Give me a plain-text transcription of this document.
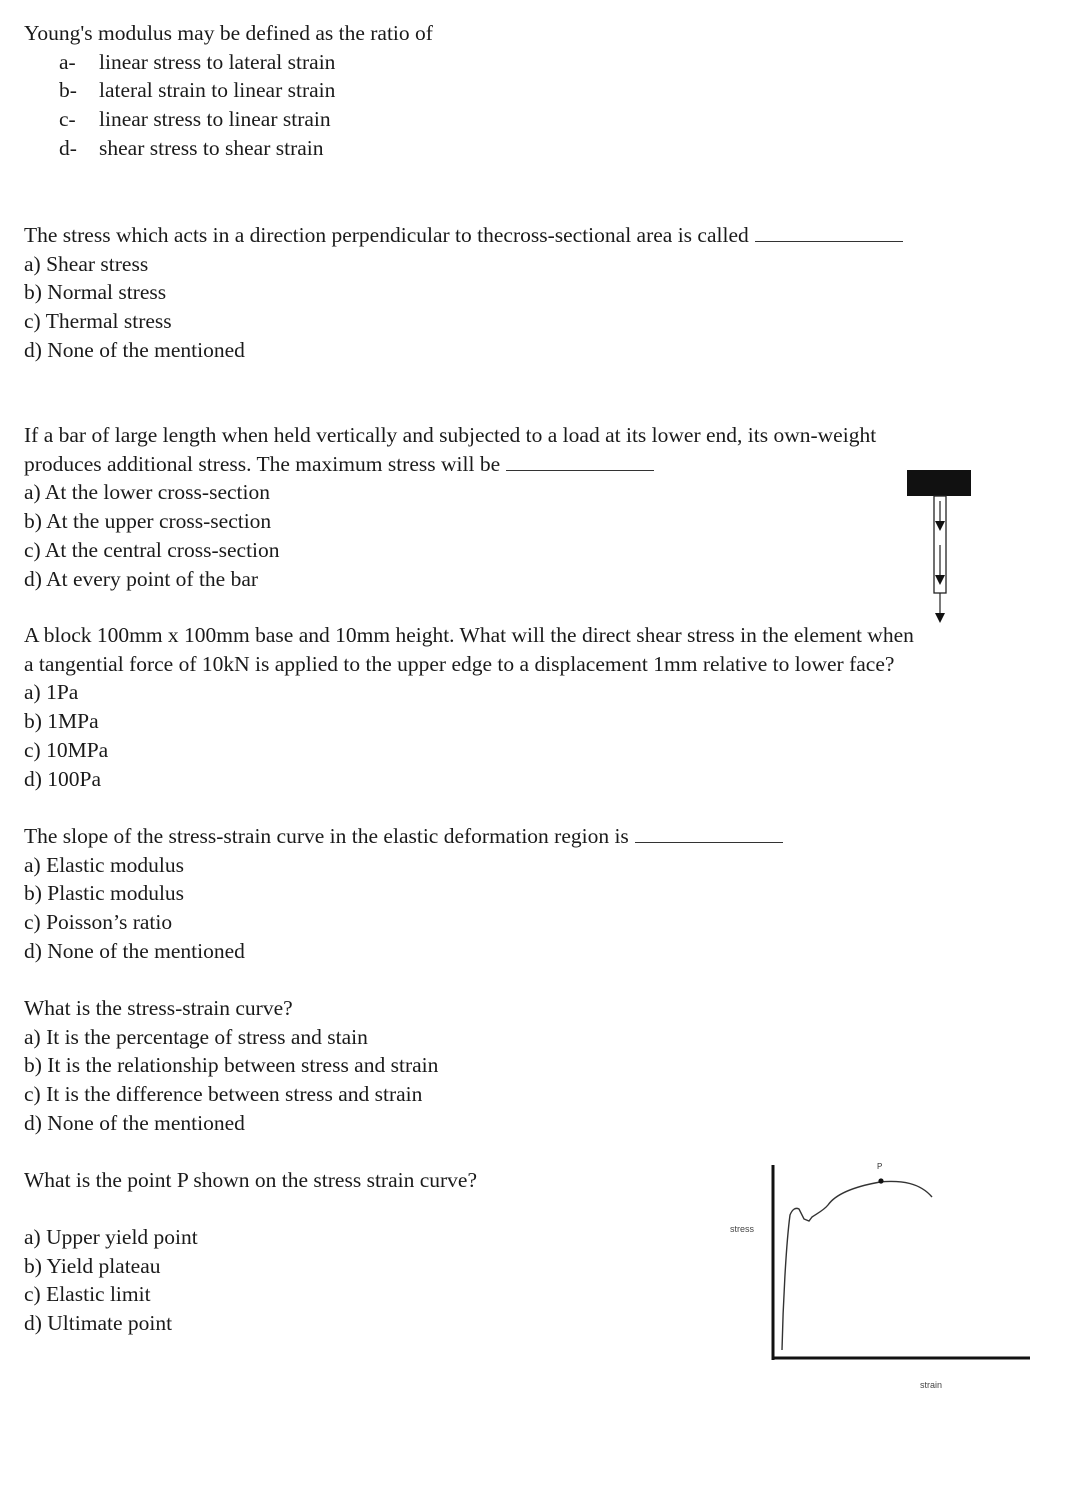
Young's modulus may be defined as the ratio of
a-	linear stress to lateral strain
b-	lateral strain to linear strain
c-	linear stress to linear strain
d-	shear stress to shear strain
The stress which acts in a direction perpendicular to thecross-sectional area is called
a) Shear stress
b) Normal stress
c) Thermal stress
d) None of the mentioned
If a bar of large length when held vertically and subjected to a load at its lower end, its own-weight
produces additional stress. The maximum stress will be
a) At the lower cross-section
b) At the upper cross-section
c) At the central cross-section
d) At every point of the bar
A block 100mm x 100mm base and 10mm height. What will the direct shear stress in the element when
a tangential force of 10kN is applied to the upper edge to a displacement 1mm relative to lower face?
a) 1Pa
b) 1MPa
c) 10MPa
d) 100Pa
The slope of the stress-strain curve in the elastic deformation region is
a) Elastic modulus
b) Plastic modulus
c) Poisson’s ratio
d) None of the mentioned
What is the stress-strain curve?
a) It is the percentage of stress and stain
b) It is the relationship between stress and strain
c) It is the difference between stress and strain
d) None of the mentioned
What is the point P shown on the stress strain curve?
a) Upper yield point
b) Yield plateau
c) Elastic limit
d) Ultimate point
P
stress
strain
